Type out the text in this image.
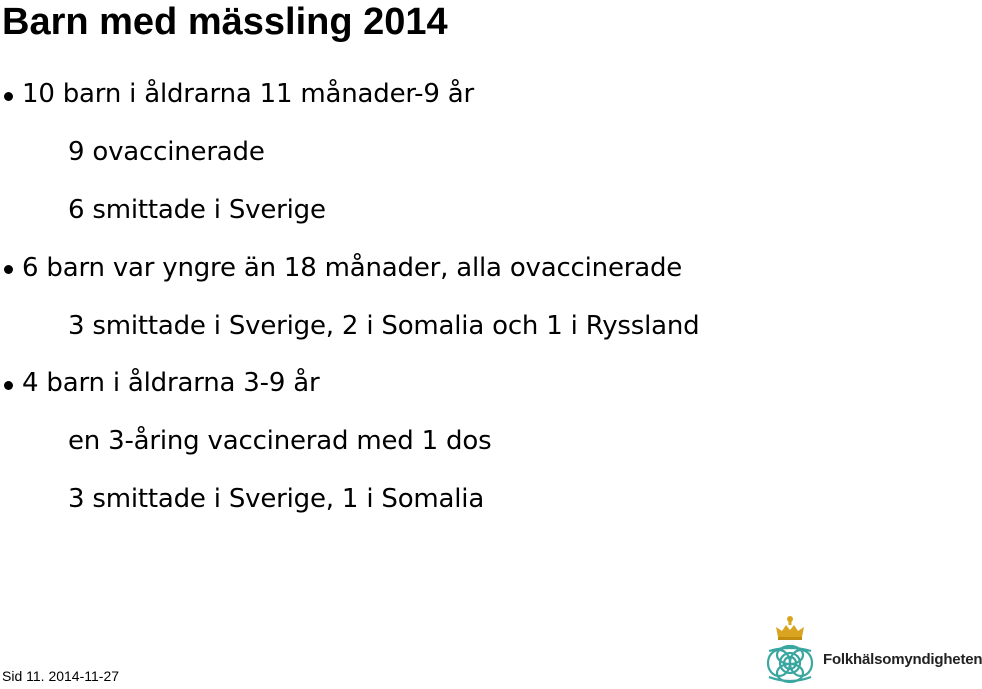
Barn med mässling 2014
10 barn i åldrarna 11 månader-9 år
9 ovaccinerade
6 smittade i Sverige
6 barn var yngre än 18 månader, alla ovaccinerade
3 smittade i Sverige, 2 i Somalia och 1 i Ryssland
4 barn i åldrarna 3-9 år
en 3-åring vaccinerad med 1 dos
3 smittade i Sverige, 1 i Somalia
Sid 11. 2014-11-27
Folkhälsomyndigheten
